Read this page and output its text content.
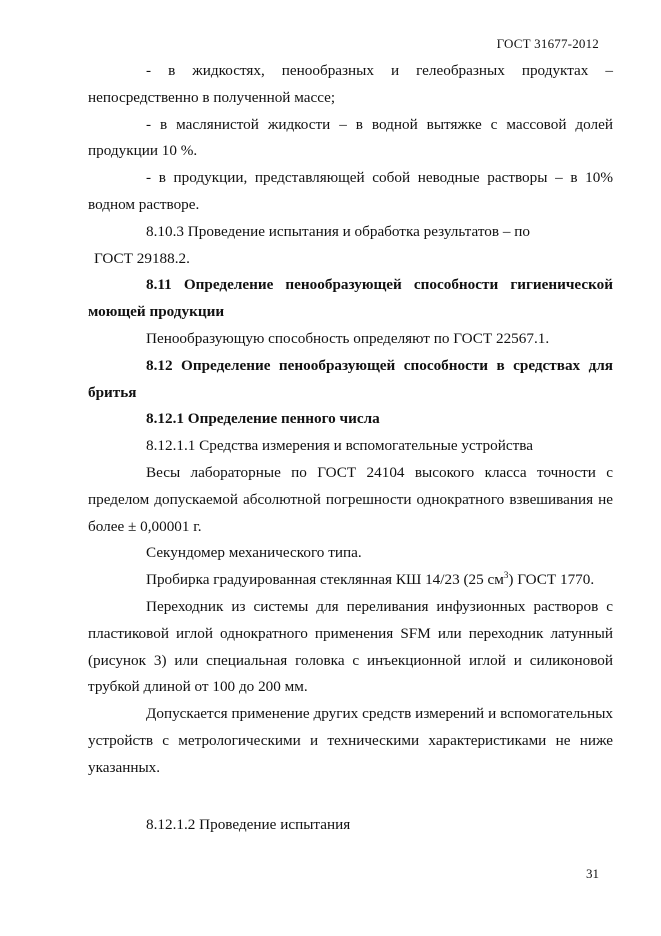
ГОСТ 31677-2012

- в жидкостях, пенообразных и гелеобразных продуктах – непосредственно в полученной массе;

- в маслянистой жидкости – в водной вытяжке с массовой долей продукции 10 %.

- в продукции, представляющей собой неводные растворы – в 10% водном растворе.

8.10.3 Проведение испытания и обработка результатов – по

ГОСТ 29188.2.

8.11 Определение пенообразующей способности гигиенической моющей продукции

Пенообразующую способность определяют по ГОСТ 22567.1.

8.12 Определение пенообразующей способности в средствах для бритья

8.12.1 Определение пенного числа

8.12.1.1 Средства измерения и вспомогательные устройства

Весы лабораторные по ГОСТ 24104 высокого класса точности с пределом допускаемой абсолютной погрешности однократного взвешивания не более ± 0,00001 г.

Секундомер механического типа.

Пробирка градуированная стеклянная КШ 14/23 (25 $см^3$) ГОСТ 1770.

Переходник из системы для переливания инфузионных растворов с пластиковой иглой однократного применения SFM или переходник латунный (рисунок 3) или специальная головка с инъекционной иглой и силиконовой трубкой длиной от 100 до 200 мм.

Допускается применение других средств измерений и вспомогательных устройств с метрологическими и техническими характеристиками не ниже указанных.

8.12.1.2 Проведение испытания

31
